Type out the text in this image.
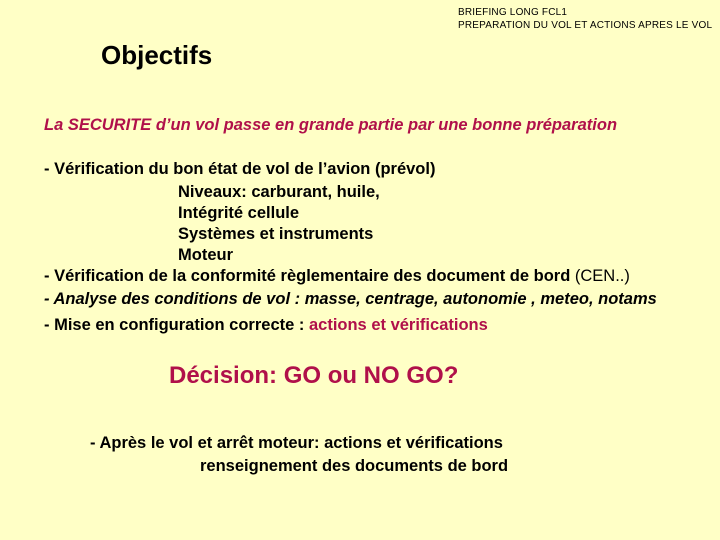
BRIEFING LONG FCL1
PREPARATION DU VOL ET ACTIONS APRES LE VOL
Objectifs
La SECURITE d’un vol passe en grande partie par une bonne préparation
- Vérification du bon état de vol de l’avion (prévol)
Niveaux: carburant, huile,
Intégrité cellule
Systèmes et instruments
Moteur
- Vérification de la conformité règlementaire des document de bord (CEN..)
- Analyse des conditions de vol : masse, centrage, autonomie , meteo, notams
- Mise en configuration correcte : actions et vérifications
Décision: GO ou NO GO?
- Après le vol et arrêt moteur: actions et vérifications
renseignement des documents de bord
